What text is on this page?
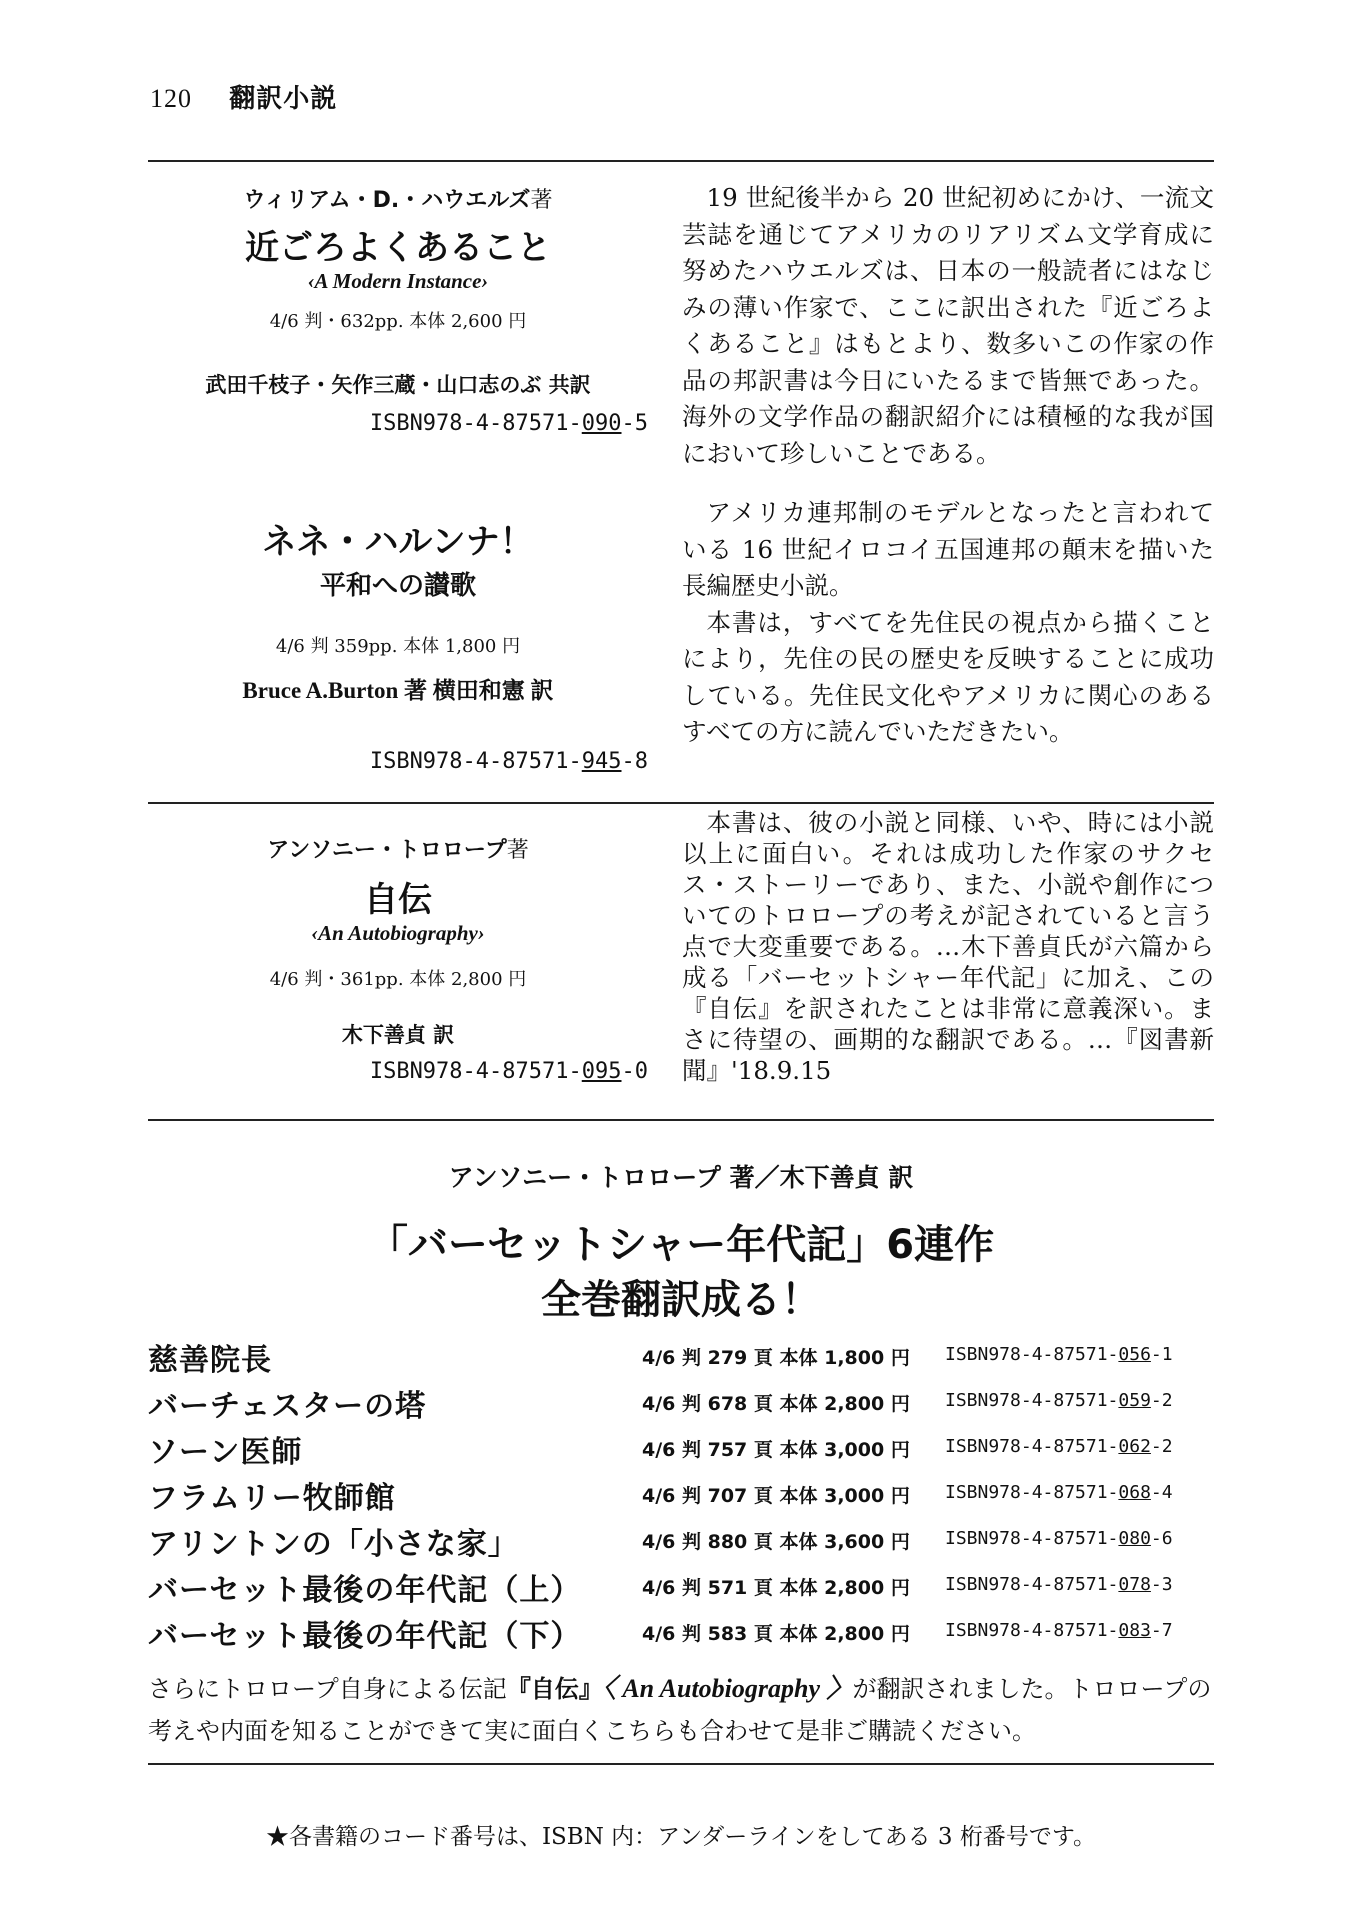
120 翻訳小説
ウィリアム・D.・ハウエルズ著
近ごろよくあること
‹A Modern Instance›
4/6 判・632pp. 本体 2,600 円
武田千枝子・矢作三蔵・山口志のぶ 共訳
ISBN978-4-87571-090-5

19 世紀後半から 20 世紀初めにかけ、一流文芸誌を通じてアメリカのリアリズム文学育成に努めたハウエルズは、日本の一般読者にはなじみの薄い作家で、ここに訳出された『近ごろよくあること』はもとより、数多いこの作家の作品の邦訳書は今日にいたるまで皆無であった。海外の文学作品の翻訳紹介には積極的な我が国において珍しいことである。

ネネ・ハルンナ！
平和への讃歌
4/6 判 359pp. 本体 1,800 円
Bruce A.Burton 著 横田和憲 訳
ISBN978-4-87571-945-8

アメリカ連邦制のモデルとなったと言われている 16 世紀イロコイ五国連邦の顛末を描いた長編歴史小説。

本書は，すべてを先住民の視点から描くことにより，先住の民の歴史を反映することに成功している。先住民文化やアメリカに関心のあるすべての方に読んでいただきたい。

アンソニー・トロロープ著
自伝
‹An Autobiography›
4/6 判・361pp. 本体 2,800 円
木下善貞 訳
ISBN978-4-87571-095-0

本書は、彼の小説と同様、いや、時には小説以上に面白い。それは成功した作家のサクセス・ストーリーであり、また、小説や創作についてのトロロープの考えが記されていると言う点で大変重要である。…木下善貞氏が六篇から成る「バーセットシャー年代記」に加え、この『自伝』を訳されたことは非常に意義深い。まさに待望の、画期的な翻訳である。…『図書新聞』'18.9.15

アンソニー・トロロープ 著／木下善貞 訳
「バーセットシャー年代記」6連作
全巻翻訳成る！
慈善院長	4/6 判 279 頁 本体 1,800 円 ISBN978-4-87571-056-1
バーチェスターの塔	4/6 判 678 頁 本体 2,800 円 ISBN978-4-87571-059-2
ソーン医師	4/6 判 757 頁 本体 3,000 円 ISBN978-4-87571-062-2
フラムリー牧師館	4/6 判 707 頁 本体 3,000 円 ISBN978-4-87571-068-4
アリントンの「小さな家」	4/6 判 880 頁 本体 3,600 円 ISBN978-4-87571-080-6
バーセット最後の年代記（上）	4/6 判 571 頁 本体 2,800 円 ISBN978-4-87571-078-3
バーセット最後の年代記（下）	4/6 判 583 頁 本体 2,800 円 ISBN978-4-87571-083-7
さらにトロロープ自身による伝記『自伝』〈 An Autobiography 〉が翻訳されました。トロロープの考えや内面を知ることができて実に面白くこちらも合わせて是非ご購読ください。
★各書籍のコード番号は、ISBN 内：アンダーラインをしてある 3 桁番号です。
